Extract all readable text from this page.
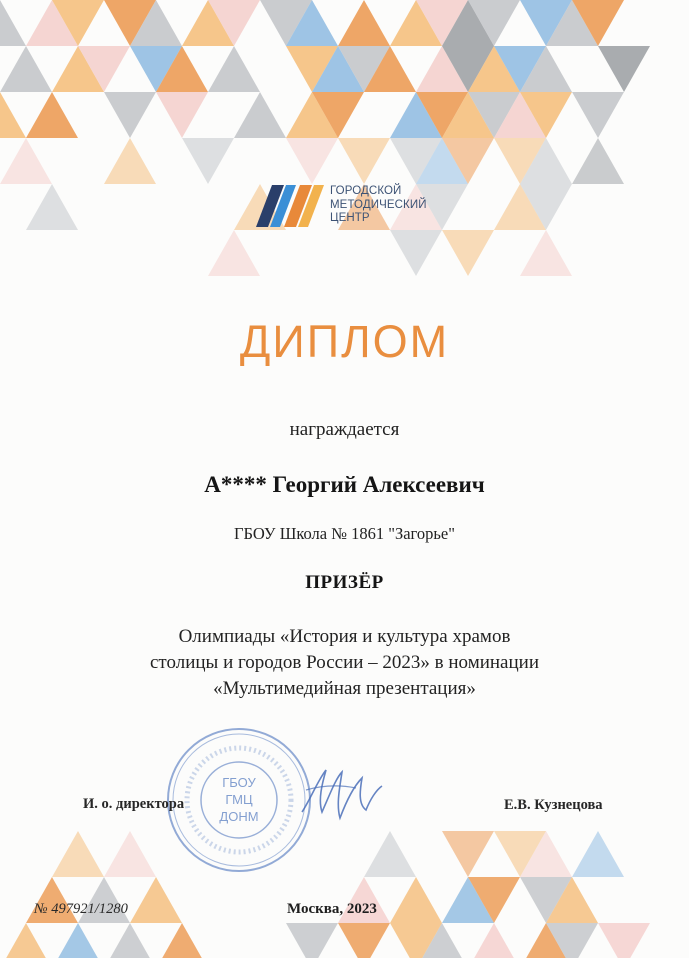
ГОРОДСКОЙ
МЕТОДИЧЕСКИЙ
ЦЕНТР
ДИПЛОМ
награждается
А**** Георгий Алексеевич
ГБОУ Школа № 1861 "Загорье"
ПРИЗЁР
Олимпиады «История и культура храмов
столицы и городов России – 2023» в номинации
«Мультимедийная презентация»
ГБОУ
ГМЦ
ДОНМ
И. о. директора	Е.В. Кузнецова
№ 497921/1280	Москва, 2023
